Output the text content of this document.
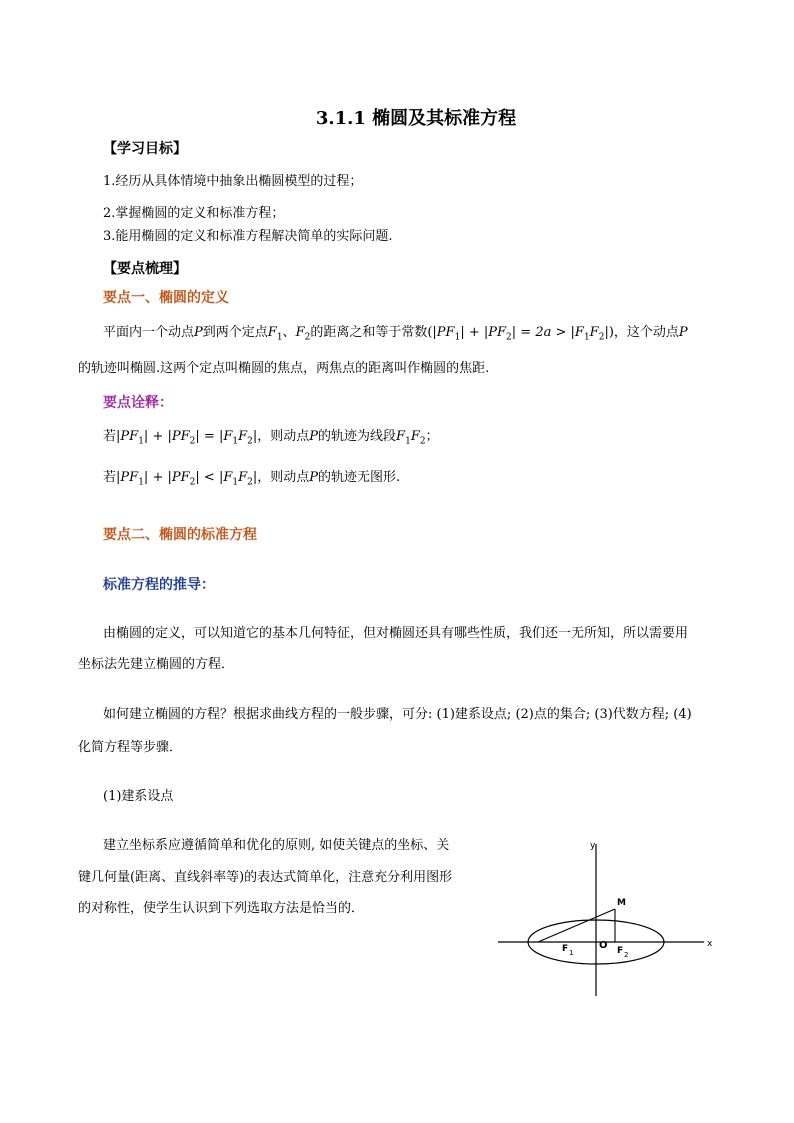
3.1.1 椭圆及其标准方程
【学习目标】
1.经历从具体情境中抽象出椭圆模型的过程；
2.掌握椭圆的定义和标准方程；
3.能用椭圆的定义和标准方程解决简单的实际问题.
【要点梳理】
要点一、椭圆的定义
平面内一个动点P到两个定点$F_1$、$F_2$的距离之和等于常数$(|PF_1| + |PF_2| = 2a > |F_1F_2|)$，这个动点P
的轨迹叫椭圆.这两个定点叫椭圆的焦点，两焦点的距离叫作椭圆的焦距.
要点诠释：
若$|PF_1| + |PF_2| = |F_1F_2|$，则动点P的轨迹为线段$F_1F_2$；
若$|PF_1| + |PF_2| < |F_1F_2|$，则动点P的轨迹无图形.
要点二、椭圆的标准方程
标准方程的推导：
由椭圆的定义，可以知道它的基本几何特征，但对椭圆还具有哪些性质，我们还一无所知，所以需要用
坐标法先建立椭圆的方程．
如何建立椭圆的方程？根据求曲线方程的一般步骤，可分: (1)建系设点; (2)点的集合; (3)代数方程; (4)
化简方程等步骤．
(1)建系设点
建立坐标系应遵循简单和优化的原则, 如使关键点的坐标、关
键几何量(距离、直线斜率等)的表达式简单化，注意充分利用图形
的对称性，使学生认识到下列选取方法是恰当的．
x
y
O
M
F 1	F 2
